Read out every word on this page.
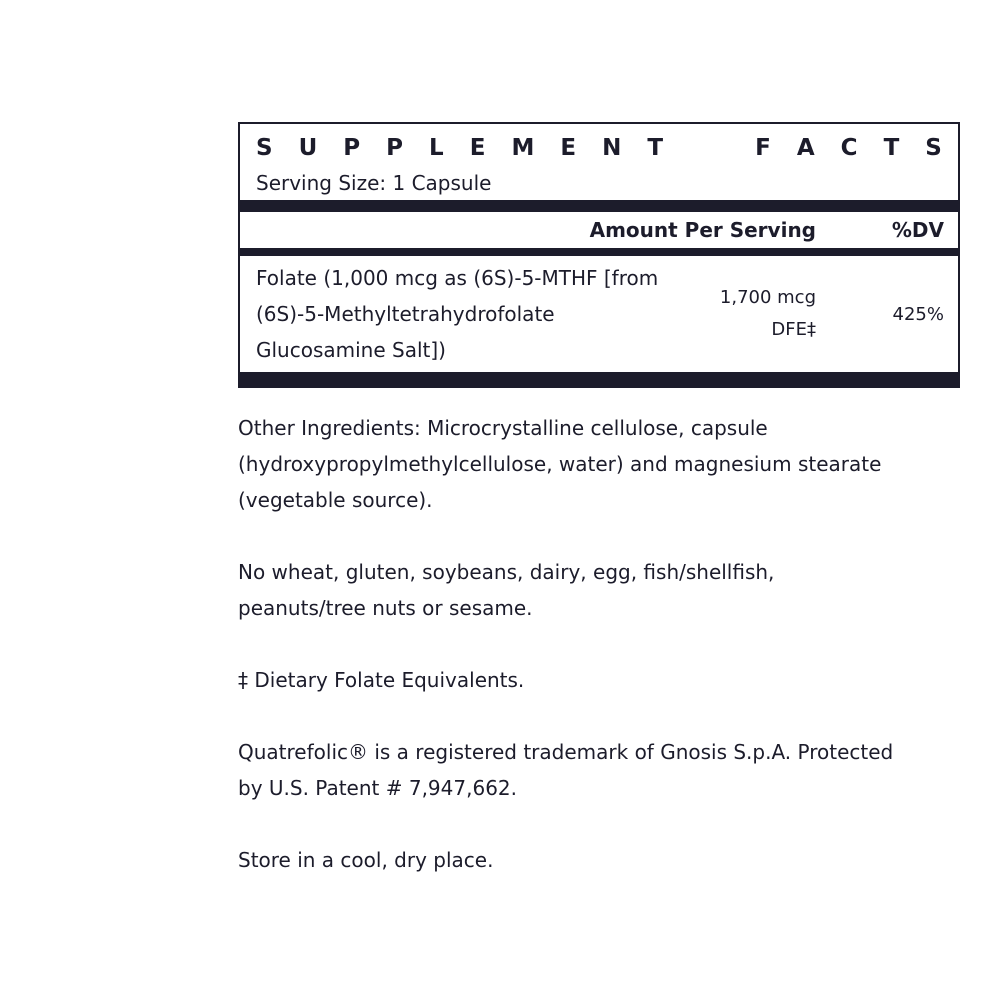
S U P P L E M E N T	F A C T S
Serving Size: 1 Capsule
Amount Per Serving	%DV
Folate (1,000 mcg as (6S)-5-MTHF [from
(6S)-5-Methyltetrahydrofolate
Glucosamine Salt])
1,700 mcg
DFE‡
425%

Other Ingredients: Microcrystalline cellulose, capsule
(hydroxypropylmethylcellulose, water) and magnesium stearate
(vegetable source).

No wheat, gluten, soybeans, dairy, egg, fish/shellfish,
peanuts/tree nuts or sesame.

‡ Dietary Folate Equivalents.

Quatrefolic® is a registered trademark of Gnosis S.p.A. Protected
by U.S. Patent # 7,947,662.

Store in a cool, dry place.
